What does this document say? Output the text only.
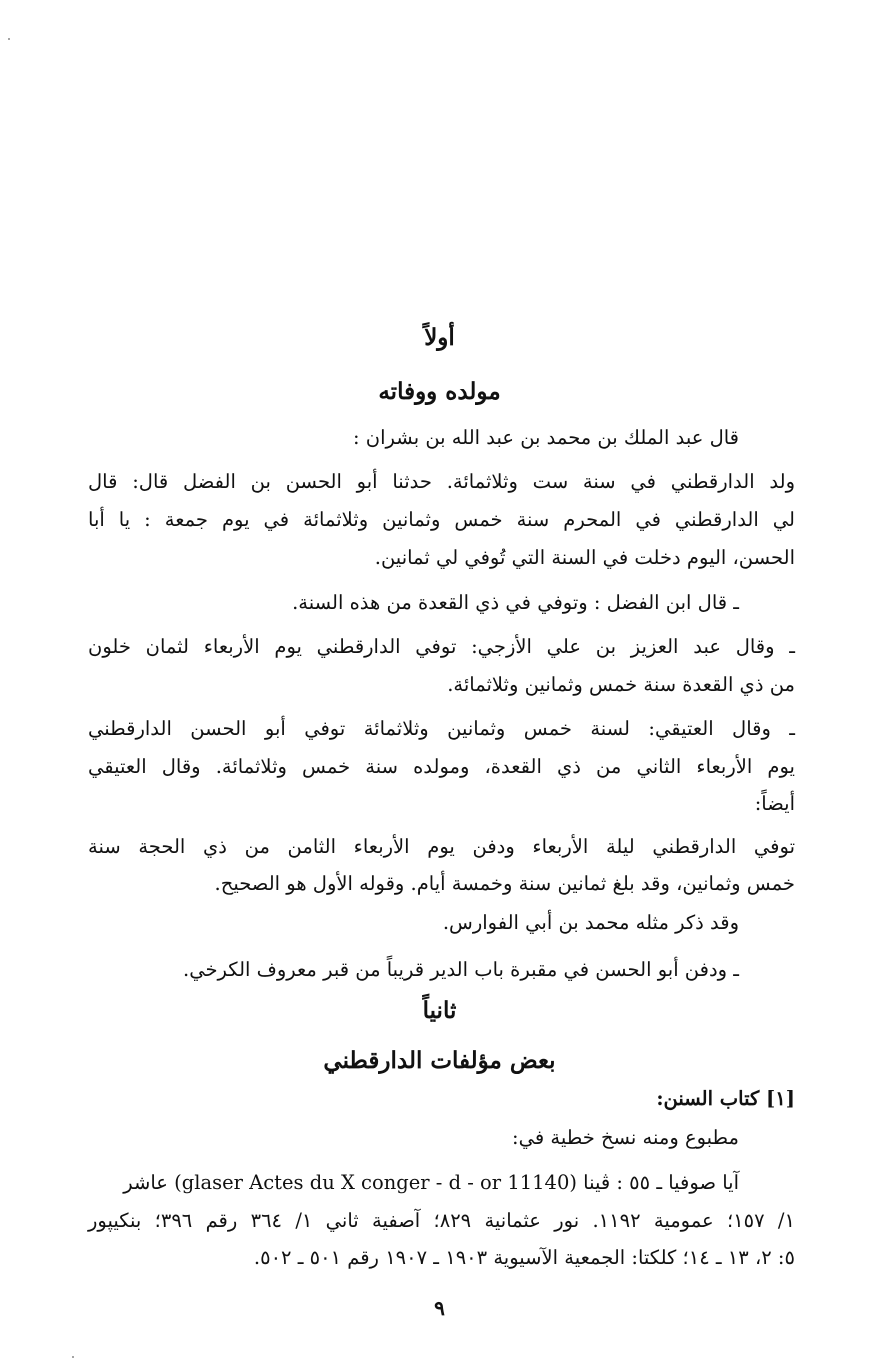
أولاً
مولده ووفاته
قال عبد الملك بن محمد بن عبد الله بن بشران :
ولد الدارقطني في سنة ست وثلاثمائة. حدثنا أبو الحسن بن الفضل قال: قال
لي الدارقطني في المحرم سنة خمس وثمانين وثلاثمائة في يوم جمعة : يا أبا
الحسن، اليوم دخلت في السنة التي تُوفي لي ثمانين.
ـ قال ابن الفضل : وتوفي في ذي القعدة من هذه السنة.
ـ وقال عبد العزيز بن علي الأزجي: توفي الدارقطني يوم الأربعاء لثمان خلون
من ذي القعدة سنة خمس وثمانين وثلاثمائة.
ـ وقال العتيقي: لسنة خمس وثمانين وثلاثمائة توفي أبو الحسن الدارقطني
يوم الأربعاء الثاني من ذي القعدة، ومولده سنة خمس وثلاثمائة. وقال العتيقي
أيضاً:
توفي الدارقطني ليلة الأربعاء ودفن يوم الأربعاء الثامن من ذي الحجة سنة
خمس وثمانين، وقد بلغ ثمانين سنة وخمسة أيام. وقوله الأول هو الصحيح.
وقد ذكر مثله محمد بن أبي الفوارس.
ـ ودفن أبو الحسن في مقبرة باب الدير قريباً من قبر معروف الكرخي.
ثانياً
بعض مؤلفات الدارقطني
[١] كتاب السنن:
مطبوع ومنه نسخ خطية في:
آيا صوفيا ـ ٥٥ : ڤينا (glaser Actes du X conger - d - or 11140) عاشر
١/ ١٥٧؛ عمومية ١١٩٢. نور عثمانية ٨٢٩؛ آصفية ثاني ١/ ٣٦٤ رقم ٣٩٦؛ بنكيپور
٥: ٢، ١٣ ـ ١٤؛ كلكتا: الجمعية الآسيوية ١٩٠٣ ـ ١٩٠٧ رقم ٥٠١ ـ ٥٠٢.
٩
